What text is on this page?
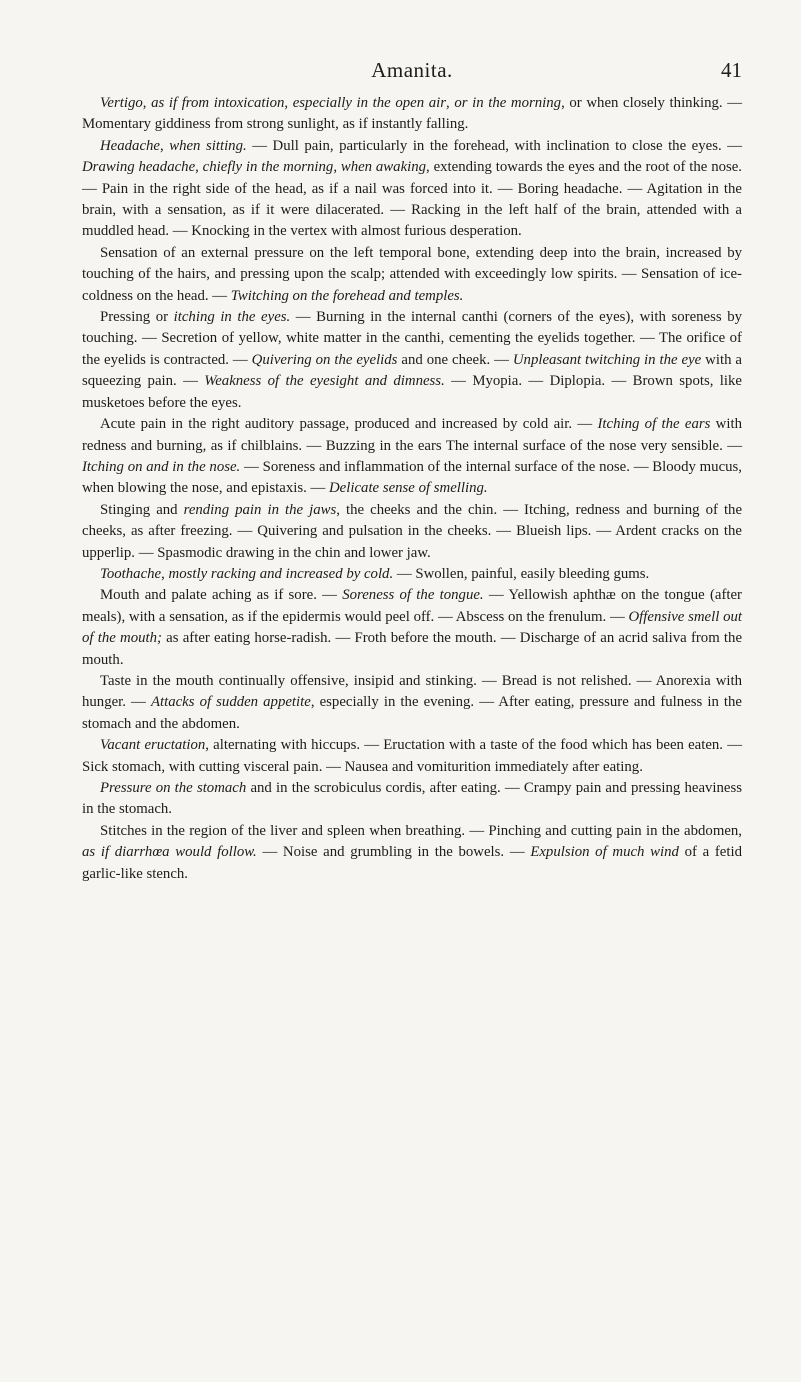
Amanita.	41

Vertigo, as if from intoxication, especially in the open air, or in the morning, or when closely thinking. — Momentary giddiness from strong sunlight, as if instantly falling.

Headache, when sitting. — Dull pain, particularly in the forehead, with inclination to close the eyes. — Drawing headache, chiefly in the morning, when awaking, extending towards the eyes and the root of the nose. — Pain in the right side of the head, as if a nail was forced into it. — Boring headache. — Agitation in the brain, with a sensation, as if it were dilacerated. — Racking in the left half of the brain, attended with a muddled head. — Knocking in the vertex with almost furious desperation.

Sensation of an external pressure on the left temporal bone, extending deep into the brain, increased by touching of the hairs, and pressing upon the scalp; attended with exceedingly low spirits. — Sensation of ice-coldness on the head. — Twitching on the forehead and temples.

Pressing or itching in the eyes. — Burning in the internal canthi (corners of the eyes), with soreness by touching. — Secretion of yellow, white matter in the canthi, cementing the eyelids together. — The orifice of the eyelids is contracted. — Quivering on the eyelids and one cheek. — Unpleasant twitching in the eye with a squeezing pain. — Weakness of the eyesight and dimness. — Myopia. — Diplopia. — Brown spots, like musketoes before the eyes.

Acute pain in the right auditory passage, produced and increased by cold air. — Itching of the ears with redness and burning, as if chilblains. — Buzzing in the ears The internal surface of the nose very sensible. — Itching on and in the nose. — Soreness and inflammation of the internal surface of the nose. — Bloody mucus, when blowing the nose, and epistaxis. — Delicate sense of smelling.

Stinging and rending pain in the jaws, the cheeks and the chin. — Itching, redness and burning of the cheeks, as after freezing. — Quivering and pulsation in the cheeks. — Blueish lips. — Ardent cracks on the upperlip. — Spasmodic drawing in the chin and lower jaw.

Toothache, mostly racking and increased by cold. — Swollen, painful, easily bleeding gums.

Mouth and palate aching as if sore. — Soreness of the tongue. — Yellowish aphthæ on the tongue (after meals), with a sensation, as if the epidermis would peel off. — Abscess on the frenulum. — Offensive smell out of the mouth; as after eating horse-radish. — Froth before the mouth. — Discharge of an acrid saliva from the mouth.

Taste in the mouth continually offensive, insipid and stinking. — Bread is not relished. — Anorexia with hunger. — Attacks of sudden appetite, especially in the evening. — After eating, pressure and fulness in the stomach and the abdomen.

Vacant eructation, alternating with hiccups. — Eructation with a taste of the food which has been eaten. — Sick stomach, with cutting visceral pain. — Nausea and vomiturition immediately after eating.

Pressure on the stomach and in the scrobiculus cordis, after eating. — Crampy pain and pressing heaviness in the stomach.

Stitches in the region of the liver and spleen when breathing. — Pinching and cutting pain in the abdomen, as if diarrhœa would follow. — Noise and grumbling in the bowels. — Expulsion of much wind of a fetid garlic-like stench.
